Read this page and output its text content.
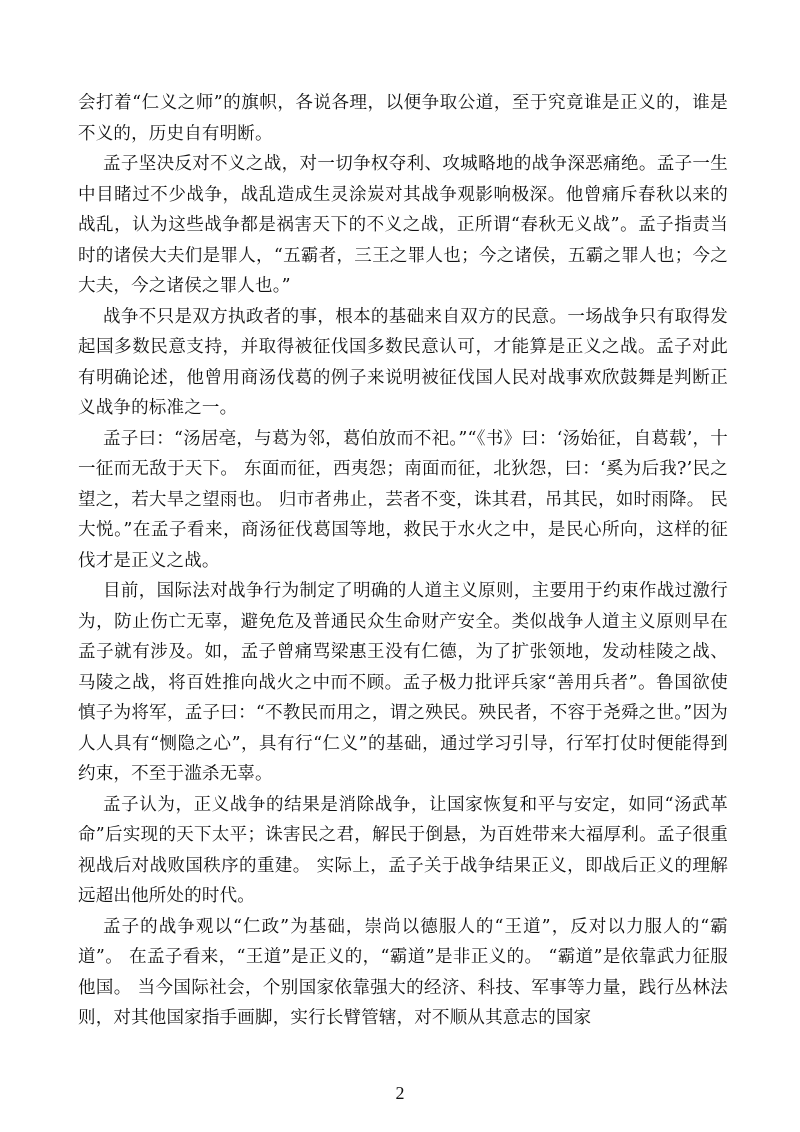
会打着“仁义之师”的旗帜，各说各理，以便争取公道，至于究竟谁是正义的，谁是不义的，历史自有明断。

孟子坚决反对不义之战，对一切争权夺利、攻城略地的战争深恶痛绝。孟子一生中目睹过不少战争，战乱造成生灵涂炭对其战争观影响极深。他曾痛斥春秋以来的战乱，认为这些战争都是祸害天下的不义之战，正所谓“春秋无义战”。孟子指责当时的诸侯大夫们是罪人，“五霸者，三王之罪人也；今之诸侯，五霸之罪人也；今之大夫，今之诸侯之罪人也。”

战争不只是双方执政者的事，根本的基础来自双方的民意。一场战争只有取得发起国多数民意支持，并取得被征伐国多数民意认可，才能算是正义之战。孟子对此有明确论述，他曾用商汤伐葛的例子来说明被征伐国人民对战事欢欣鼓舞是判断正义战争的标准之一。

孟子曰：“汤居亳，与葛为邻，葛伯放而不祀。”“《书》曰：‘汤始征，自葛载’，十一征而无敌于天下。 东面而征，西夷怨；南面而征，北狄怨，曰：‘奚为后我?’民之望之，若大旱之望雨也。 归市者弗止，芸者不变，诛其君，吊其民，如时雨降。 民大悦。”在孟子看来，商汤征伐葛国等地，救民于水火之中，是民心所向，这样的征伐才是正义之战。

目前，国际法对战争行为制定了明确的人道主义原则，主要用于约束作战过激行为，防止伤亡无辜，避免危及普通民众生命财产安全。类似战争人道主义原则早在孟子就有涉及。如，孟子曾痛骂梁惠王没有仁德，为了扩张领地，发动桂陵之战、马陵之战，将百姓推向战火之中而不顾。孟子极力批评兵家“善用兵者”。鲁国欲使慎子为将军，孟子曰：“不教民而用之，谓之殃民。殃民者，不容于尧舜之世。”因为人人具有“恻隐之心”，具有行“仁义”的基础，通过学习引导，行军打仗时便能得到约束，不至于滥杀无辜。

孟子认为，正义战争的结果是消除战争，让国家恢复和平与安定，如同“汤武革命”后实现的天下太平；诛害民之君，解民于倒悬，为百姓带来大福厚利。孟子很重视战后对战败国秩序的重建。 实际上，孟子关于战争结果正义，即战后正义的理解远超出他所处的时代。

孟子的战争观以“仁政”为基础，崇尚以德服人的“王道”，反对以力服人的“霸道”。 在孟子看来，“王道”是正义的，“霸道”是非正义的。 “霸道”是依靠武力征服他国。 当今国际社会，个别国家依靠强大的经济、科技、军事等力量，践行丛林法则，对其他国家指手画脚，实行长臂管辖，对不顺从其意志的国家

2
